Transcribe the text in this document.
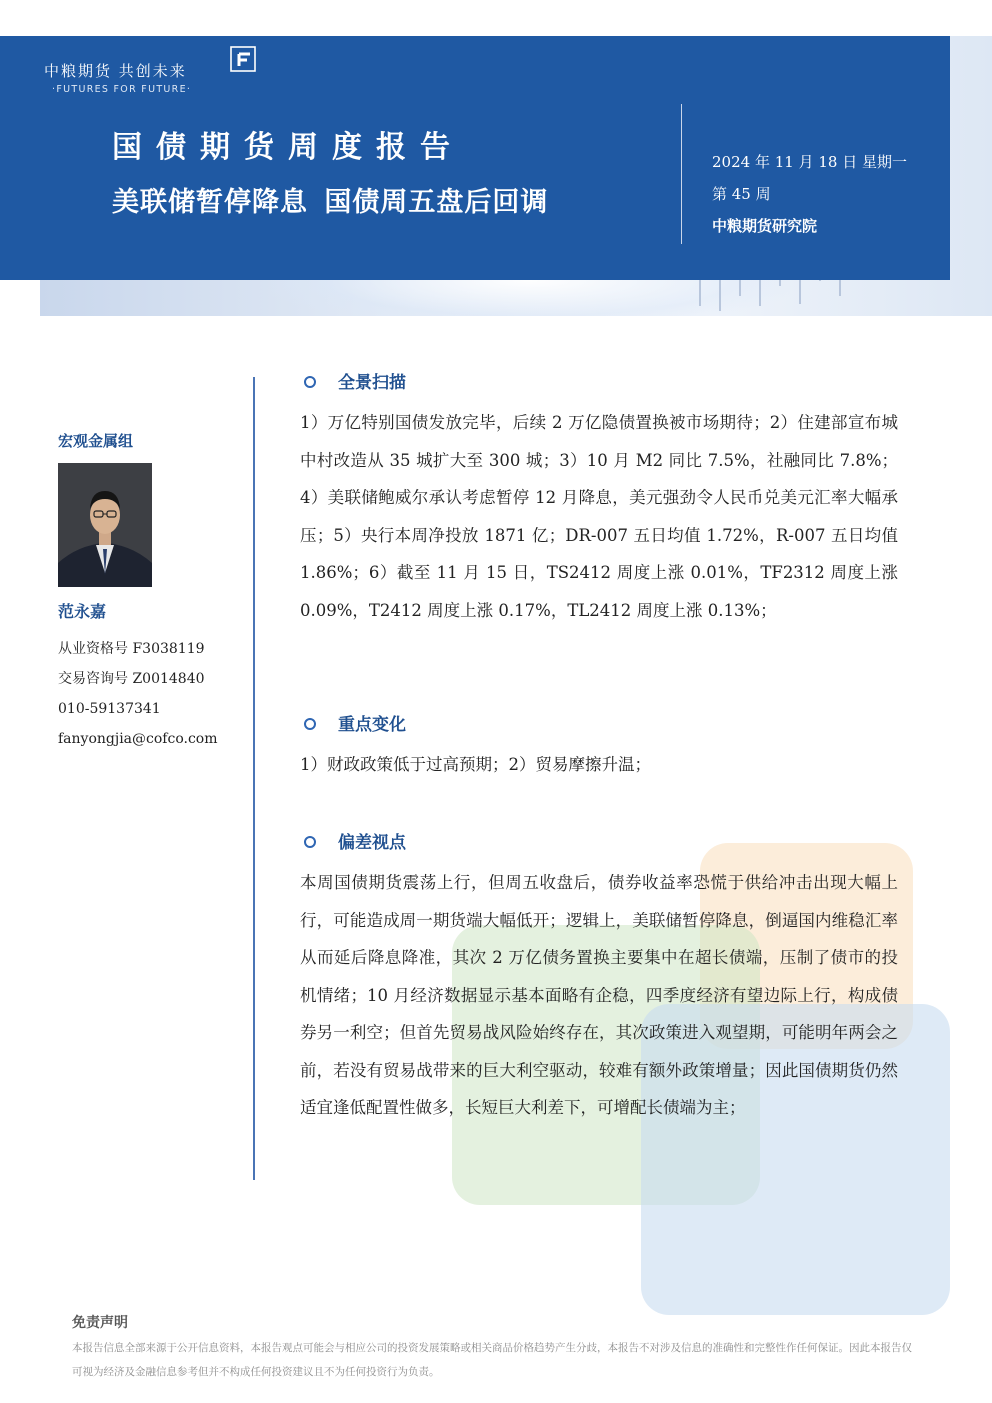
中粮期货 共创未来
·FUTURES FOR FUTURE·
国债期货周度报告
美联储暂停降息 国债周五盘后回调
2024 年 11 月 18 日 星期一
第 45 周
中粮期货研究院
宏观金属组
范永嘉
从业资格号 F3038119
交易咨询号 Z0014840
010-59137341
fanyongjia@cofco.com
全景扫描

1）万亿特别国债发放完毕，后续 2 万亿隐债置换被市场期待；2）住建部宣布城中村改造从 35 城扩大至 300 城；3）10 月 M2 同比 7.5%，社融同比 7.8%；4）美联储鲍威尔承认考虑暂停 12 月降息，美元强劲令人民币兑美元汇率大幅承压；5）央行本周净投放 1871 亿；DR-007 五日均值 1.72%，R-007 五日均值 1.86%；6）截至 11 月 15 日，TS2412 周度上涨 0.01%，TF2312 周度上涨 0.09%，T2412 周度上涨 0.17%，TL2412 周度上涨 0.13%；

重点变化

1）财政政策低于过高预期；2）贸易摩擦升温；

偏差视点

本周国债期货震荡上行，但周五收盘后，债券收益率恐慌于供给冲击出现大幅上行，可能造成周一期货端大幅低开；逻辑上，美联储暂停降息，倒逼国内维稳汇率从而延后降息降准，其次 2 万亿债务置换主要集中在超长债端，压制了债市的投机情绪；10 月经济数据显示基本面略有企稳，四季度经济有望边际上行，构成债券另一利空；但首先贸易战风险始终存在，其次政策进入观望期，可能明年两会之前，若没有贸易战带来的巨大利空驱动，较难有额外政策增量；因此国债期货仍然适宜逢低配置性做多，长短巨大利差下，可增配长债端为主；

免责声明
本报告信息全部来源于公开信息资料，本报告观点可能会与相应公司的投资发展策略或相关商品价格趋势产生分歧，本报告不对涉及信息的准确性和完整性作任何保证。因此本报告仅可视为经济及金融信息参考但并不构成任何投资建议且不为任何投资行为负责。
